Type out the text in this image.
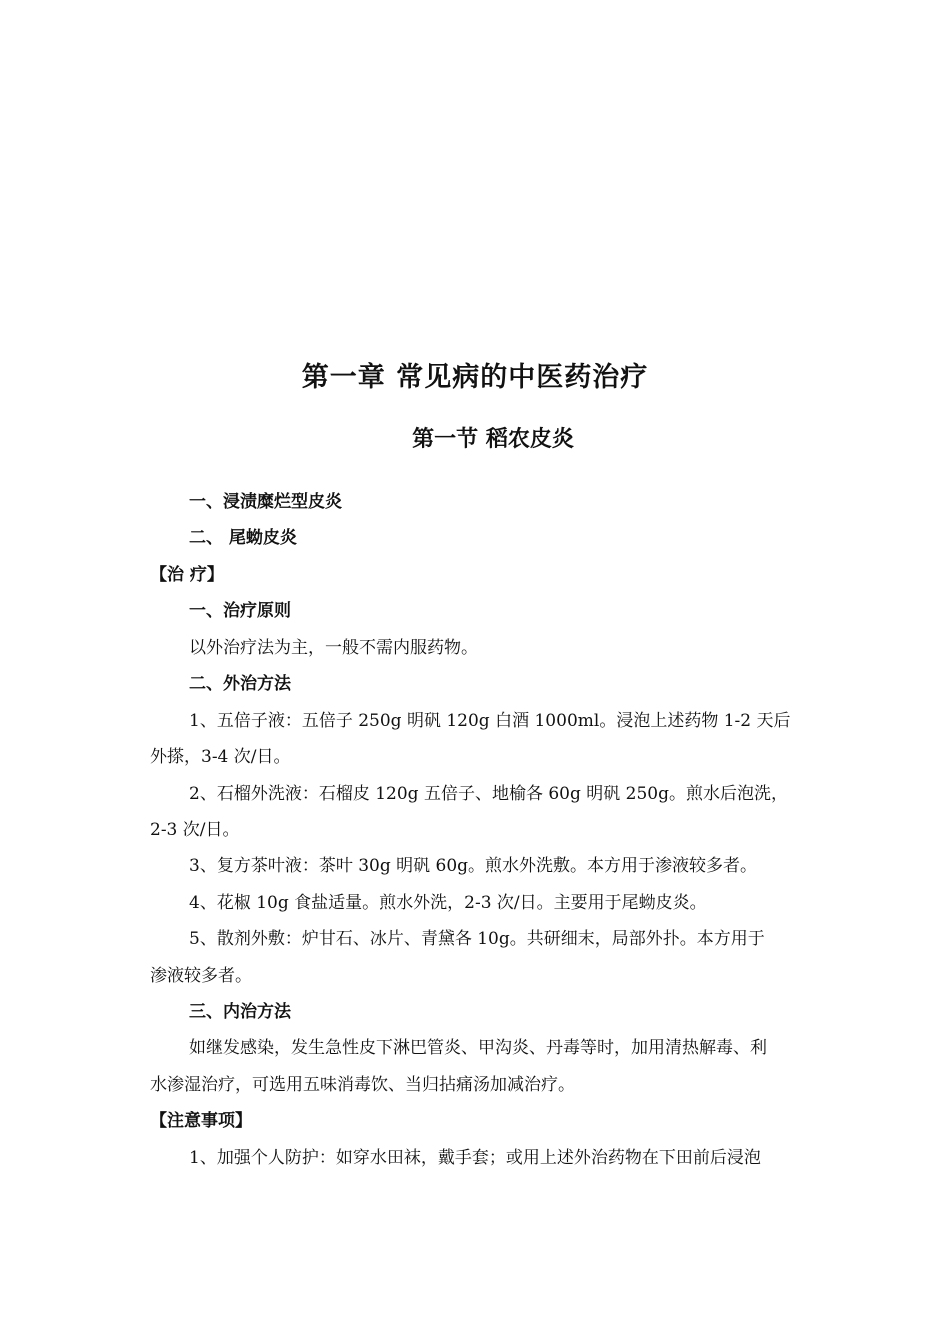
第一章 常见病的中医药治疗
第一节 稻农皮炎
一、浸渍糜烂型皮炎
二、 尾蚴皮炎
【治 疗】
一、治疗原则
以外治疗法为主，一般不需内服药物。
二、外治方法
1、五倍子液：五倍子 250g 明矾 120g 白酒 1000ml。浸泡上述药物 1-2 天后
外搽，3-4 次/日。
2、石榴外洗液：石榴皮 120g 五倍子、地榆各 60g 明矾 250g。煎水后泡洗，
2-3 次/日。
3、复方茶叶液：茶叶 30g 明矾 60g。煎水外洗敷。本方用于渗液较多者。
4、花椒 10g 食盐适量。煎水外洗，2-3 次/日。主要用于尾蚴皮炎。
5、散剂外敷：炉甘石、冰片、青黛各 10g。共研细末，局部外扑。本方用于
渗液较多者。
三、内治方法
如继发感染，发生急性皮下淋巴管炎、甲沟炎、丹毒等时，加用清热解毒、利
水渗湿治疗，可选用五味消毒饮、当归拈痛汤加减治疗。
【注意事项】
1、加强个人防护：如穿水田袜，戴手套；或用上述外治药物在下田前后浸泡
